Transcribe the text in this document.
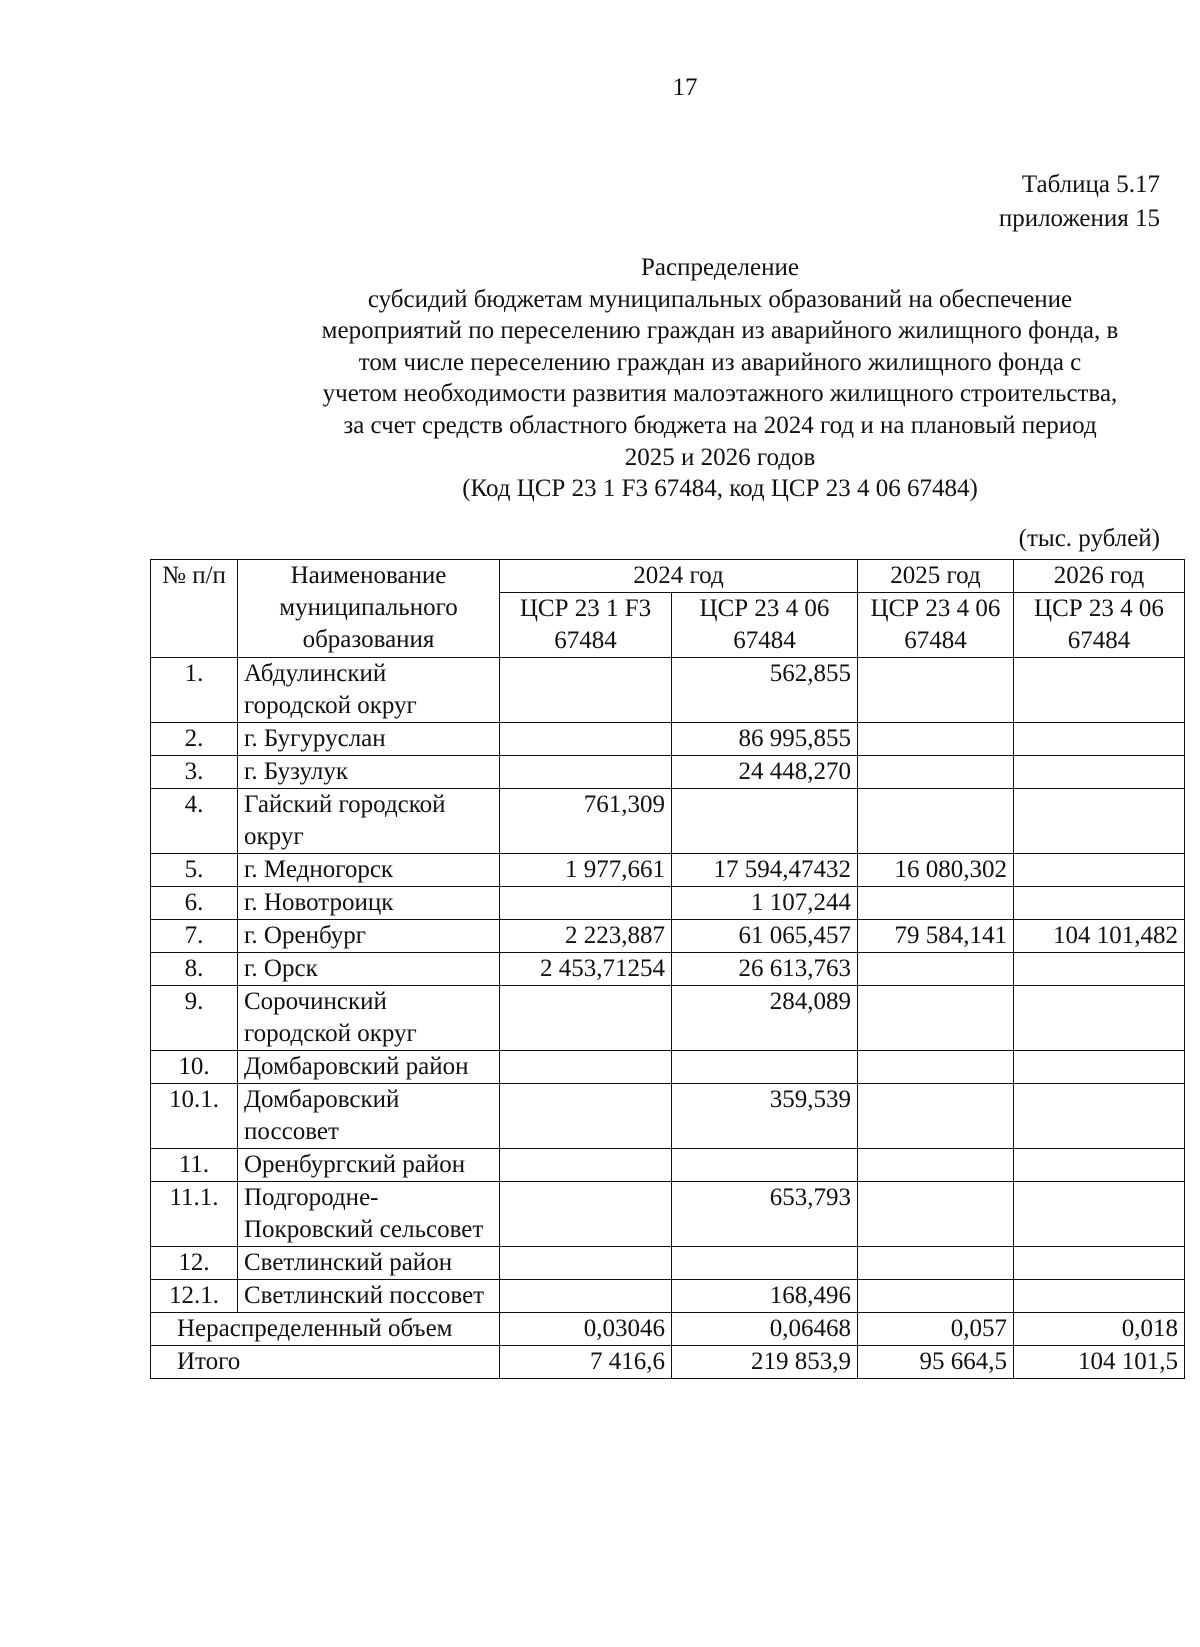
17
Таблица 5.17
приложения 15
Распределение
субсидий бюджетам муниципальных образований на обеспечение
мероприятий по переселению граждан из аварийного жилищного фонда, в
том числе переселению граждан из аварийного жилищного фонда с
учетом необходимости развития малоэтажного жилищного строительства,
за счет средств областного бюджета на 2024 год и на плановый период
2025 и 2026 годов
(Код ЦСР 23 1 F3 67484, код ЦСР 23 4 06 67484)
(тыс. рублей)
№ п/п	Наименование муниципального образования	2024 год		2025 год	2026 год
		ЦСР 23 1 F3 67484	ЦСР 23 4 06 67484	ЦСР 23 4 06 67484	ЦСР 23 4 06 67484
1.	Абдулинский городской округ		562,855		
2.	г. Бугуруслан		86 995,855		
3.	г. Бузулук		24 448,270		
4.	Гайский городской округ	761,309			
5.	г. Медногорск	1 977,661	17 594,47432	16 080,302	
6.	г. Новотроицк		1 107,244		
7.	г. Оренбург	2 223,887	61 065,457	79 584,141	104 101,482
8.	г. Орск	2 453,71254	26 613,763		
9.	Сорочинский городской округ		284,089		
10.	Домбаровский район				
10.1.	Домбаровский поссовет		359,539		
11.	Оренбургский район				
11.1.	Подгородне-Покровский сельсовет		653,793		
12.	Светлинский район				
12.1.	Светлинский поссовет		168,496		
Нераспределенный объем		0,03046	0,06468	0,057	0,018
Итого		7 416,6	219 853,9	95 664,5	104 101,5
